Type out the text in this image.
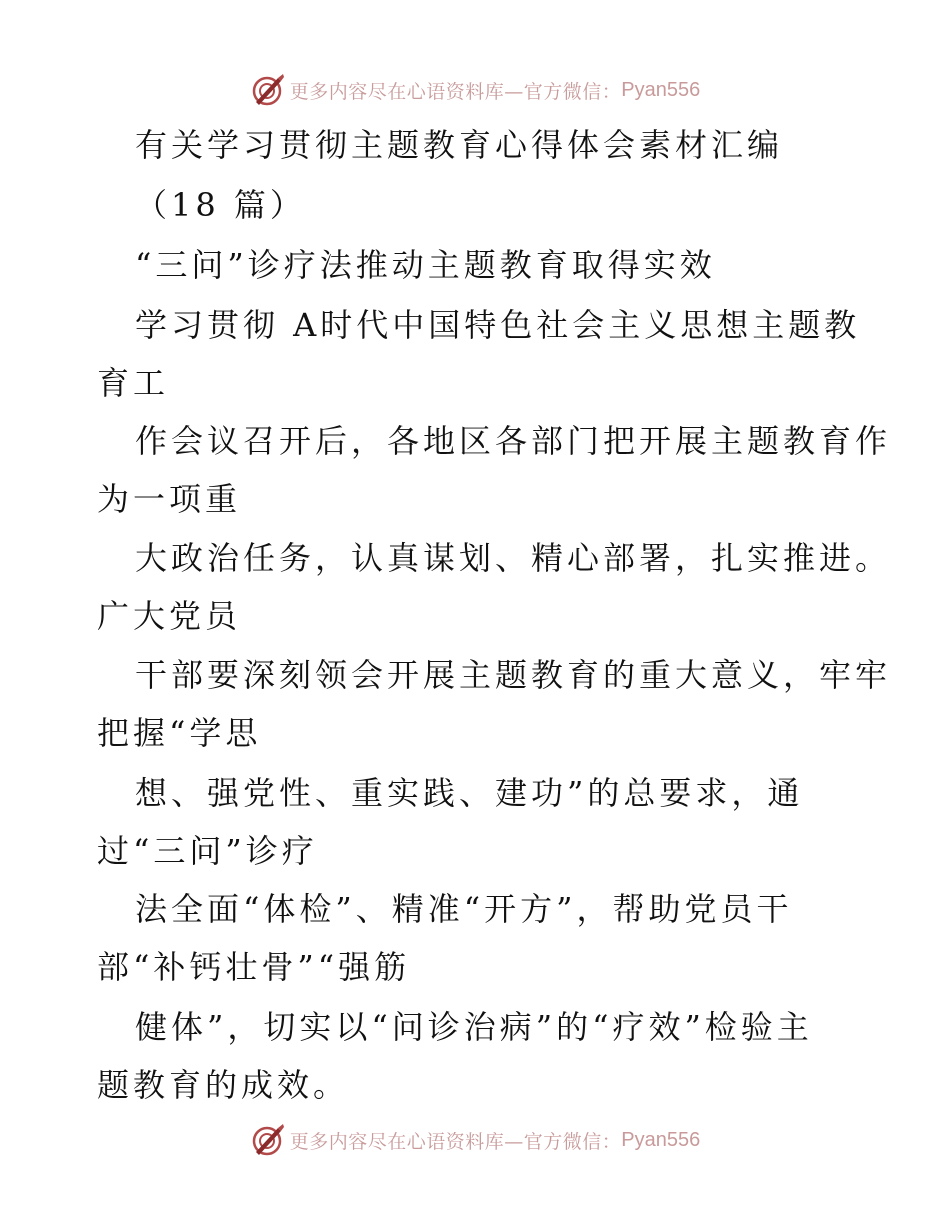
更多内容尽在心语资料库—官方微信： Pyan556
有关学习贯彻主题教育心得体会素材汇编
（18 篇）
“三问”诊疗法推动主题教育取得实效
学习贯彻 A时代中国特色社会主义思想主题教
育工
作会议召开后，各地区各部门把开展主题教育作
为一项重
大政治任务，认真谋划、精心部署，扎实推进。
广大党员
干部要深刻领会开展主题教育的重大意义，牢牢
把握“学思
想、强党性、重实践、建功”的总要求，通
过“三问”诊疗
法全面“体检”、精准“开方”，帮助党员干
部“补钙壮骨”“强筋
健体”，切实以“问诊治病”的“疗效”检验主
题教育的成效。
更多内容尽在心语资料库—官方微信： Pyan556
